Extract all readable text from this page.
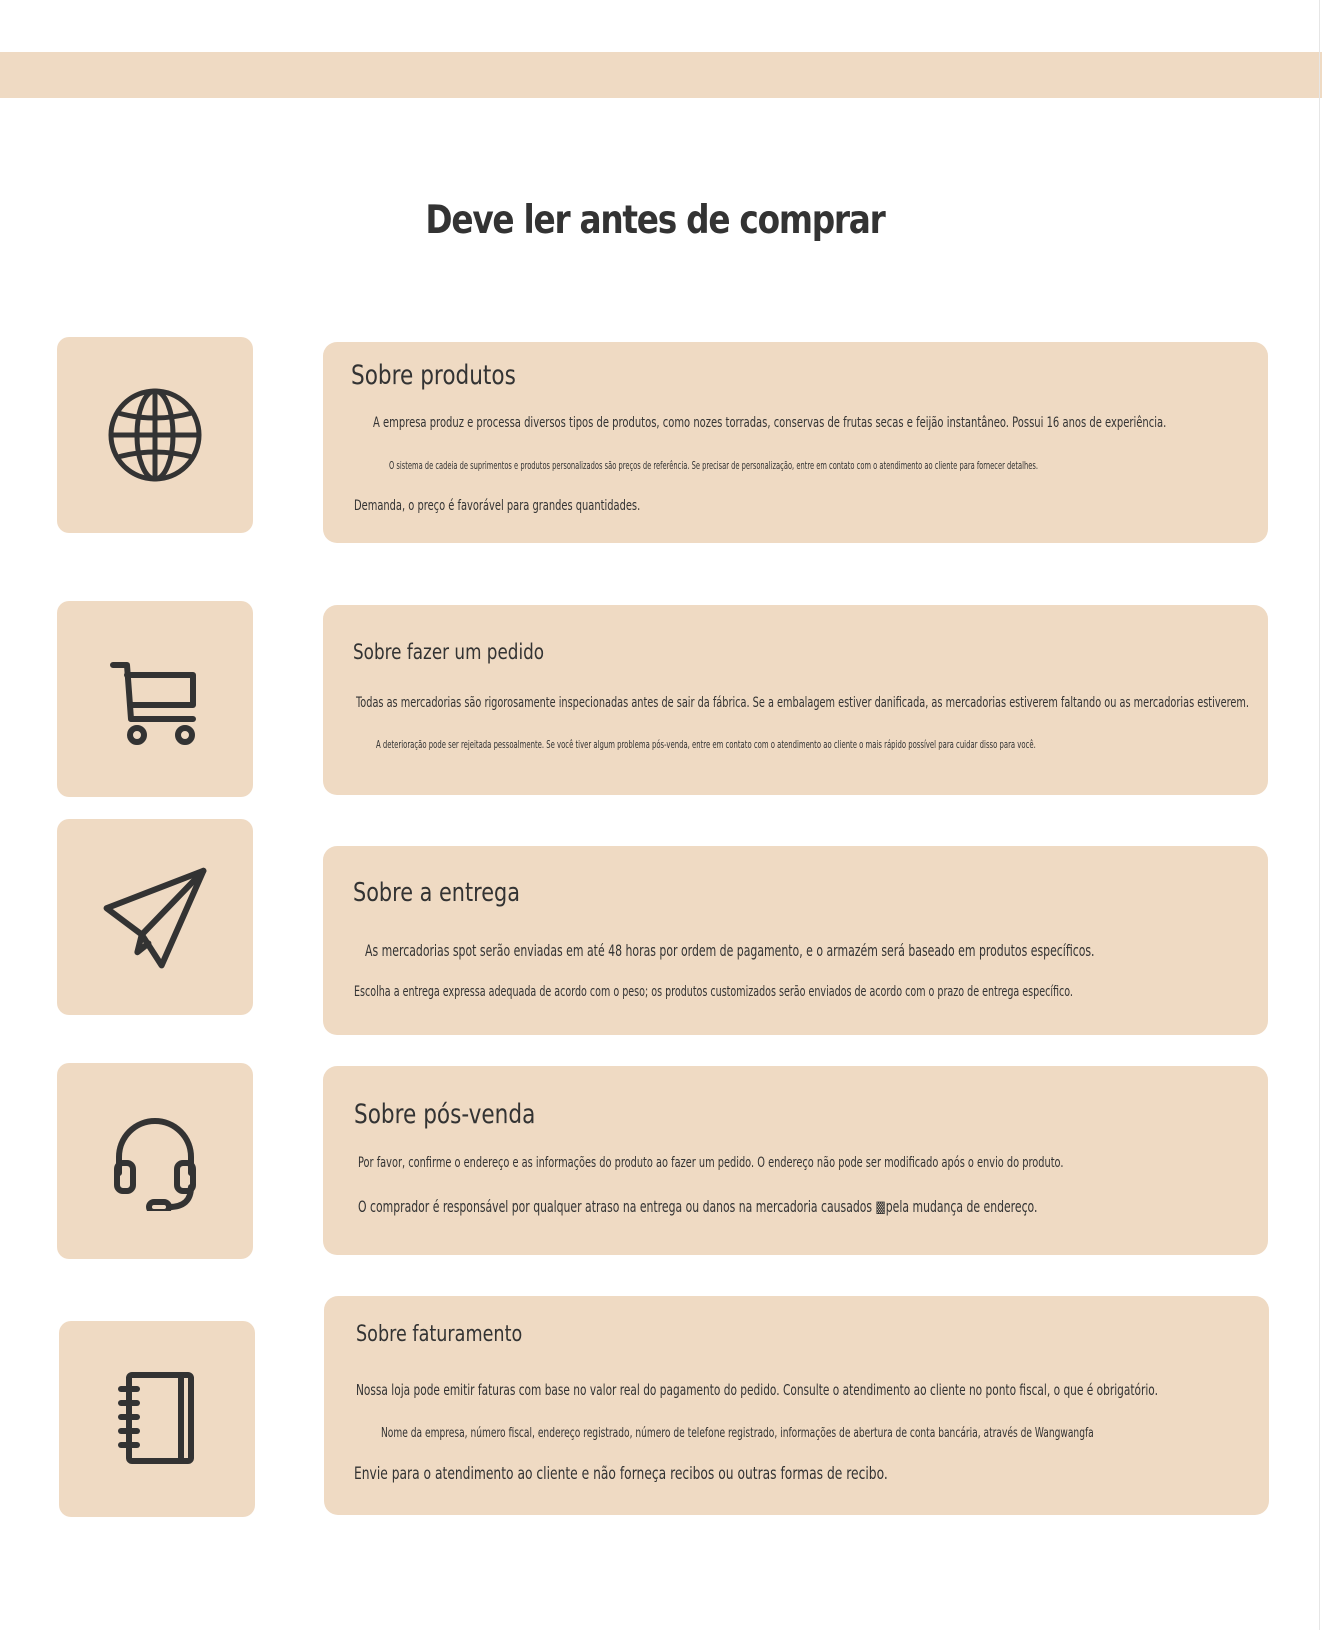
Deve ler antes de comprar
Sobre produtos
A empresa produz e processa diversos tipos de produtos, como nozes torradas, conservas de frutas secas e feijão instantâneo. Possui 16 anos de experiência.
O sistema de cadeia de suprimentos e produtos personalizados são preços de referência. Se precisar de personalização, entre em contato com o atendimento ao cliente para fornecer detalhes.
Demanda, o preço é favorável para grandes quantidades.
Sobre fazer um pedido
Todas as mercadorias são rigorosamente inspecionadas antes de sair da fábrica. Se a embalagem estiver danificada, as mercadorias estiverem faltando ou as mercadorias estiverem.
A deterioração pode ser rejeitada pessoalmente. Se você tiver algum problema pós-venda, entre em contato com o atendimento ao cliente o mais rápido possível para cuidar disso para você.
Sobre a entrega
As mercadorias spot serão enviadas em até 48 horas por ordem de pagamento, e o armazém será baseado em produtos específicos.
Escolha a entrega expressa adequada de acordo com o peso; os produtos customizados serão enviados de acordo com o prazo de entrega específico.
Sobre pós-venda
Por favor, confirme o endereço e as informações do produto ao fazer um pedido. O endereço não pode ser modificado após o envio do produto.
O comprador é responsável por qualquer atraso na entrega ou danos na mercadoria causados ▩pela mudança de endereço.
Sobre faturamento
Nossa loja pode emitir faturas com base no valor real do pagamento do pedido. Consulte o atendimento ao cliente no ponto fiscal, o que é obrigatório.
Nome da empresa, número fiscal, endereço registrado, número de telefone registrado, informações de abertura de conta bancária, através de Wangwangfa
Envie para o atendimento ao cliente e não forneça recibos ou outras formas de recibo.
